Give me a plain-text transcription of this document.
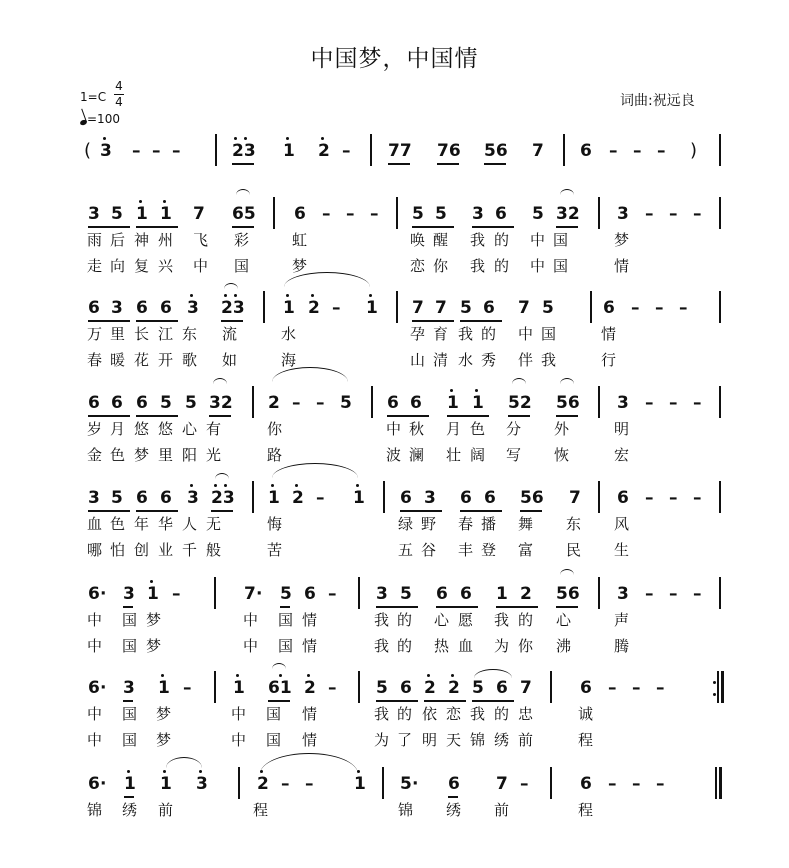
中国梦，中国情
1=C
4
4
=100
词曲:祝远良
(	)
3 – – –	23 1 2 – 77 76 56 7 6 – – –
3 5 1 1 7 65 6 – – – 5 5 3 6 5 32 3 – – –
雨 后 神 州 飞 彩	虹	唤 醒 我 的 中 国	梦
走 向 复 兴 中 国	梦	恋 你 我 的 中 国	情
6 3 6 6 3 23 1 2 – 1 7 7 5 6 7 5	6 – – –
万 里 长 江 东 流	水	孕 育 我 的 中 国	情
春 暖 花 开 歌 如	海	山 清 水 秀 伴 我	行
6 6 6 5 5 32 2 – – 5 6 6 1 1 52 56 3 – – –
岁 月 悠 悠 心 有	你	中 秋 月 色 分 外	明
金 色 梦 里 阳 光	路	波 澜 壮 阔 写 恢	宏
3 5 6 6 3 23 1 2 – 1 6 3 6 6 56 7 6 – – –
血 色 年 华 人 无	悔	绿 野 春 播 舞 东 风
哪 怕 创 业 千 般	苦	五 谷 丰 登 富 民 生
6 · 3 1 –	7 · 5 6 – 3 5 6 6 1 2 56 3 – – –
中 国 梦	中 国 情	我 的 心 愿 我 的 心	声
中 国 梦	中 国 情	我 的 热 血 为 你 沸	腾
6 · 3 1 – 1 61 2 – 5 6 2 2 5 6 7	6 – – –
中 国 梦	中 国 情	我 的 依 恋 我 的 忠	诚
中 国 梦	中 国 情	为 了 明 天 锦 绣 前	程
6 · 1 1 3	2 – – 1 5 · 6 7 –	6 – – –
锦 绣 前	程	锦 绣 前	程
